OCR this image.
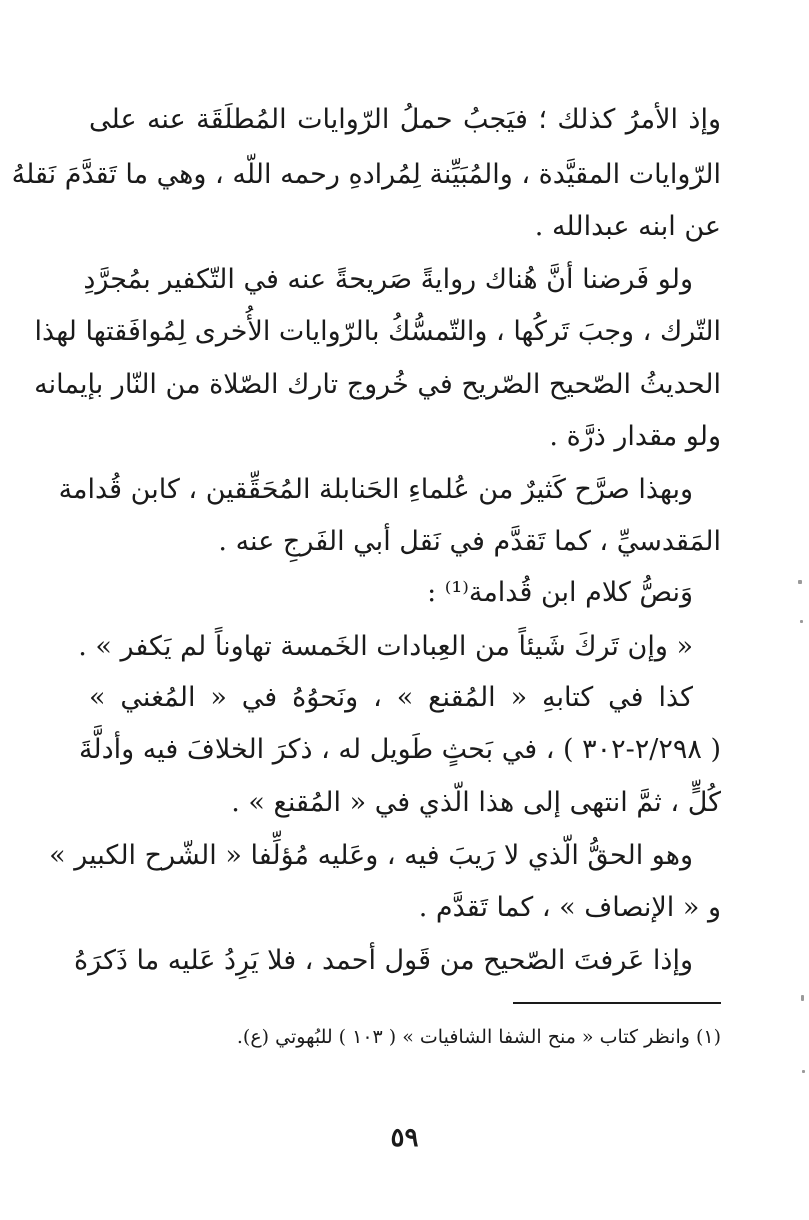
وإذ الأمرُ كذلك ؛ فيَجبُ حملُ الرّوايات المُطلَقَة عنه على
الرّوايات المقيَّدة ، والمُبَيِّنة لِمُرادهِ رحمه اللّه ، وهي ما تَقدَّمَ نَقلهُ
عن ابنه عبدالله .
ولو فَرضنا أنَّ هُناك روايةً صَريحةً عنه في التّكفير بمُجرَّدِ
التّرك ، وجبَ تَركُها ، والتّمسُّكُ بالرّوايات الأُخرى لِمُوافَقتها لهذا
الحديثُ الصّحيح الصّريح في خُروج تارك الصّلاة من النّار بإيمانه
ولو مقدار ذرَّة .
وبهذا صرَّح كَثيرٌ من عُلماءِ الحَنابلة المُحَقِّقين ، كابن قُدامة
المَقدسيِّ ، كما تَقدَّم في نَقل أبي الفَرجِ عنه .
وَنصُّ كلام ابن قُدامة⁽¹⁾ :
« وإن تَركَ شَيئاً من العِبادات الخَمسة تهاوناً لم يَكفر » .
كذا في كتابهِ « المُقنع » ، ونَحوُهُ في « المُغني »
( ٢/٢٩٨-٣٠٢ ) ، في بَحثٍ طَويل له ، ذكرَ الخلافَ فيه وأدلَّةَ
كُلٍّ ، ثمَّ انتهى إلى هذا الّذي في « المُقنع » .
وهو الحقُّ الّذي لا رَيبَ فيه ، وعَليه مُؤلِّفا « الشّرح الكبير »
و « الإنصاف » ، كما تَقدَّم .
وإذا عَرفتَ الصّحيح من قَول أحمد ، فلا يَرِدُ عَليه ما ذَكرَهُ
(١) وانظر كتاب « منح الشفا الشافيات » ( ١٠٣ ) للبُهوتي (ع).
٥٩
